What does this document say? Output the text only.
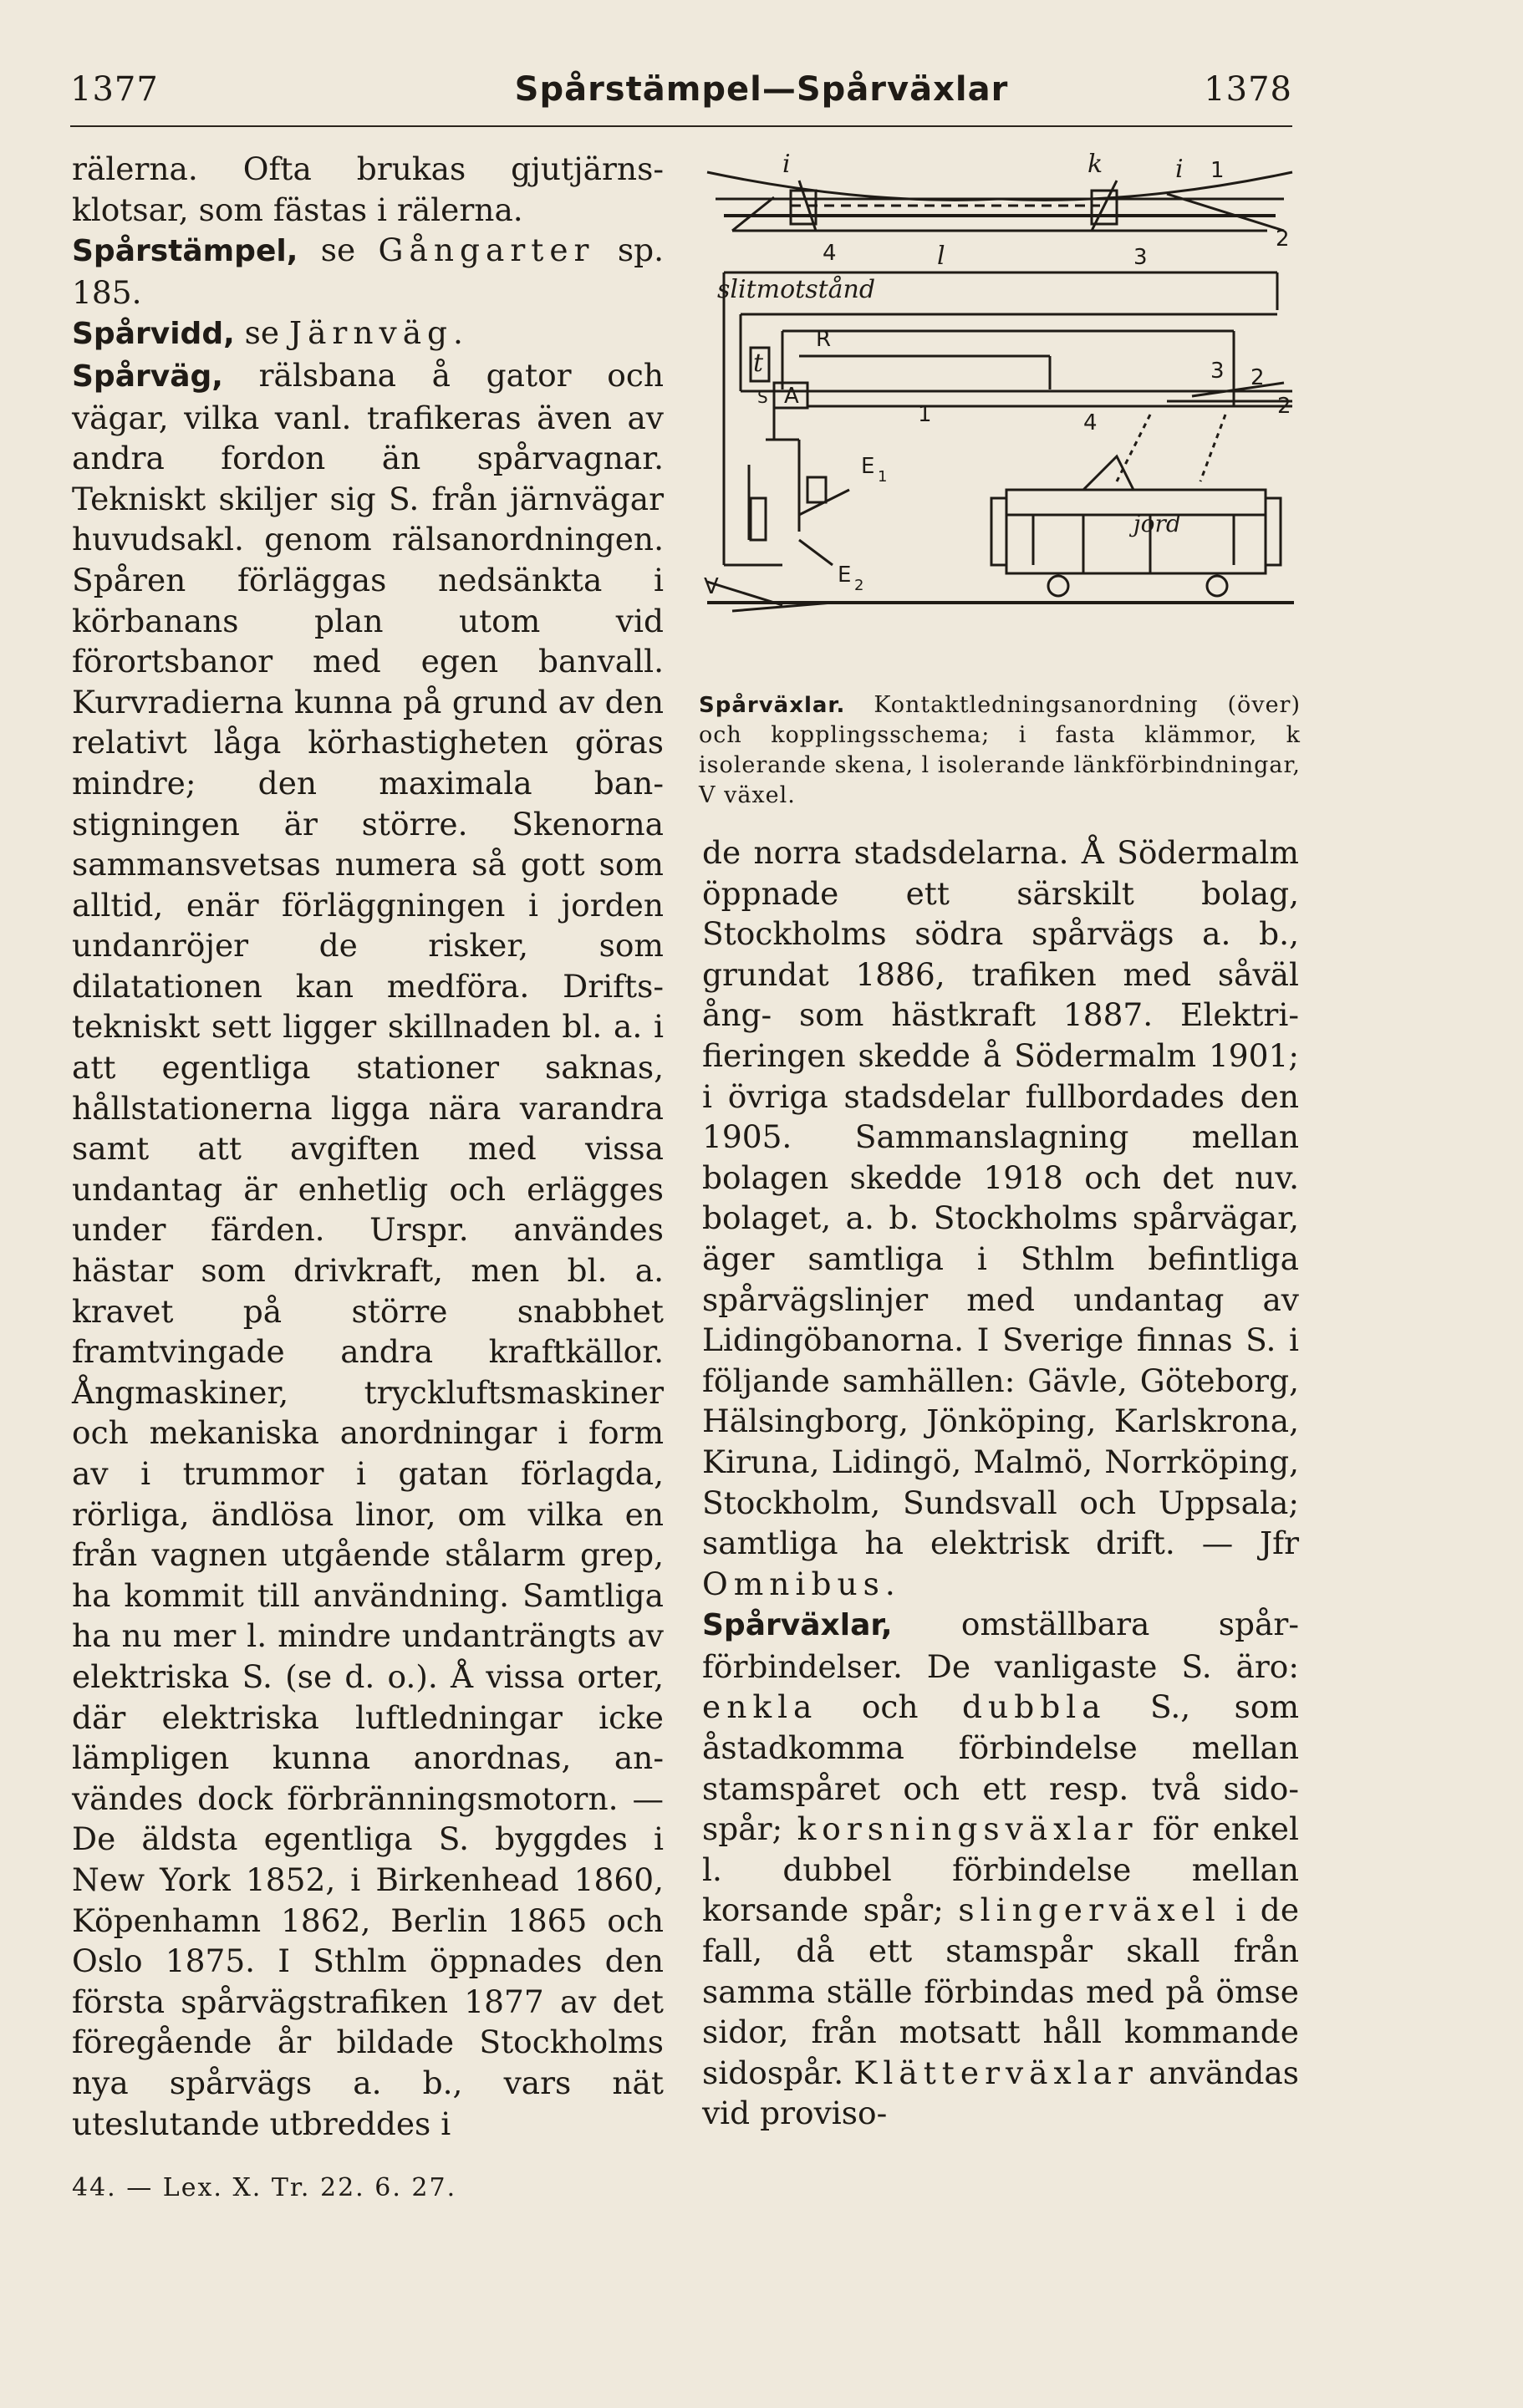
1377	Spårstämpel—Spårväxlar	1378

rälerna. Ofta brukas gjutjärnsklotsar, som fästas i rälerna.

Spårstämpel, se Gångarter sp. 185.

Spårvidd, se Järnväg.

Spårväg, rälsbana å gator och vägar, vilka vanl. trafikeras även av andra fordon än spårvagnar. Tekniskt skiljer sig S. från järnvägar huvudsakl. genom rälsanordningen. Spåren förläggas nedsänkta i körbanans plan utom vid förortsbanor med egen banvall. Kurvradierna kunna på grund av den relativt låga körhastigheten göras mindre; den maximala banstigningen är större. Skenorna sammansvetsas numera så gott som alltid, enär förläggningen i jorden undanröjer de risker, som dilatationen kan medföra. Driftstekniskt sett ligger skillnaden bl. a. i att egentliga stationer saknas, hållstationerna ligga nära varandra samt att avgiften med vissa undantag är enhetlig och erlägges under färden. Urspr. användes hästar som drivkraft, men bl. a. kravet på större snabbhet framtvingade andra kraftkällor. Ångmaskiner, tryckluftsmaskiner och mekaniska anordningar i form av i trummor i gatan förlagda, rörliga, ändlösa linor, om vilka en från vagnen utgående stålarm grep, ha kommit till användning. Samtliga ha nu mer l. mindre undanträngts av elektriska S. (se d. o.). Å vissa orter, där elektriska luftledningar icke lämpligen kunna anordnas, användes dock förbränningsmotorn. — De äldsta egentliga S. byggdes i New York 1852, i Birkenhead 1860, Köpenhamn 1862, Berlin 1865 och Oslo 1875. I Sthlm öppnades den första spårvägstrafiken 1877 av det föregående år bildade Stockholms nya spårvägs a. b., vars nät uteslutande utbreddes i

i	k	i
l
slitmotstånd
t
jord
1
4	3
2
R
S A
3 2
2
1	4
E 1
V	E 2
Spårväxlar. Kontaktledningsanordning (över) och kopplingsschema; i fasta klämmor, k isolerande skena, l isolerande länkförbindningar, V växel.

de norra stadsdelarna. Å Södermalm öppnade ett särskilt bolag, Stockholms södra spårvägs a. b., grundat 1886, trafiken med såväl ång- som hästkraft 1887. Elektrifieringen skedde å Södermalm 1901; i övriga stadsdelar fullbordades den 1905. Sammanslagning mellan bolagen skedde 1918 och det nuv. bolaget, a. b. Stockholms spårvägar, äger samtliga i Sthlm befintliga spårvägslinjer med undantag av Lidingöbanorna. I Sverige finnas S. i följande samhällen: Gävle, Göteborg, Hälsingborg, Jönköping, Karlskrona, Kiruna, Lidingö, Malmö, Norrköping, Stockholm, Sundsvall och Uppsala; samtliga ha elektrisk drift. — Jfr Omnibus.

Spårväxlar, omställbara spårförbindelser. De vanligaste S. äro: enkla och dubbla S., som åstadkomma förbindelse mellan stamspåret och ett resp. två sidospår; korsningsväxlar för enkel l. dubbel förbindelse mellan korsande spår; slingerväxel i de fall, då ett stamspår skall från samma ställe förbindas med på ömse sidor, från motsatt håll kommande sidospår. Klätterväxlar användas vid proviso-

44. — Lex. X. Tr. 22. 6. 27.
